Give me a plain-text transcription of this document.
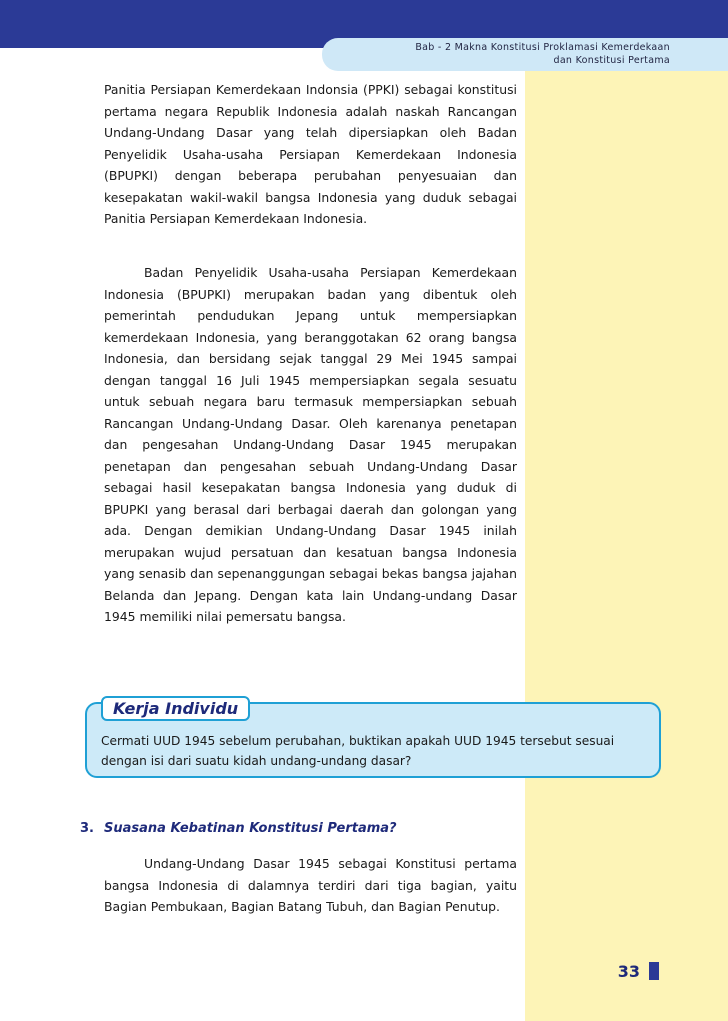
Bab - 2 Makna Konstitusi Proklamasi Kemerdekaan
dan Konstitusi Pertama

Panitia Persiapan Kemerdekaan Indonsia (PPKI) sebagai konstitusi pertama negara Republik Indonesia adalah naskah Rancangan Undang-Undang Dasar yang telah dipersiapkan oleh Badan Penyelidik Usaha-usaha Persiapan Kemerdekaan Indonesia (BPUPKI) dengan beberapa perubahan penyesuaian dan kesepakatan wakil-wakil bangsa Indonesia yang duduk sebagai Panitia Persiapan Kemerdekaan Indonesia.

Badan Penyelidik Usaha-usaha Persiapan Kemerdekaan Indonesia (BPUPKI) merupakan badan yang dibentuk oleh pemerintah pendudukan Jepang untuk mempersiapkan kemerdekaan Indonesia, yang beranggotakan 62 orang bangsa Indonesia, dan bersidang sejak tanggal 29 Mei 1945 sampai dengan tanggal 16 Juli 1945 mempersiapkan segala sesuatu untuk sebuah negara baru termasuk mempersiapkan sebuah Rancangan Undang-Undang Dasar. Oleh karenanya penetapan dan pengesahan Undang-Undang Dasar 1945 merupakan penetapan dan pengesahan sebuah Undang-Undang Dasar sebagai hasil kesepakatan bangsa Indonesia yang duduk di BPUPKI yang berasal dari berbagai daerah dan golongan yang ada. Dengan demikian Undang-Undang Dasar 1945 inilah merupakan wujud persatuan dan kesatuan bangsa Indonesia yang senasib dan sepenanggungan sebagai bekas bangsa jajahan Belanda dan Jepang. Dengan kata lain Undang-undang Dasar 1945 memiliki nilai pemersatu bangsa.

Kerja Individu

Cermati UUD 1945 sebelum perubahan, buktikan apakah UUD 1945 tersebut sesuai dengan isi dari suatu kidah undang-undang dasar?

3. Suasana Kebatinan Konstitusi Pertama?

Undang-Undang Dasar 1945 sebagai Konstitusi pertama bangsa Indonesia di dalamnya terdiri dari tiga bagian, yaitu Bagian Pembukaan, Bagian Batang Tubuh, dan Bagian Penutup.

33
